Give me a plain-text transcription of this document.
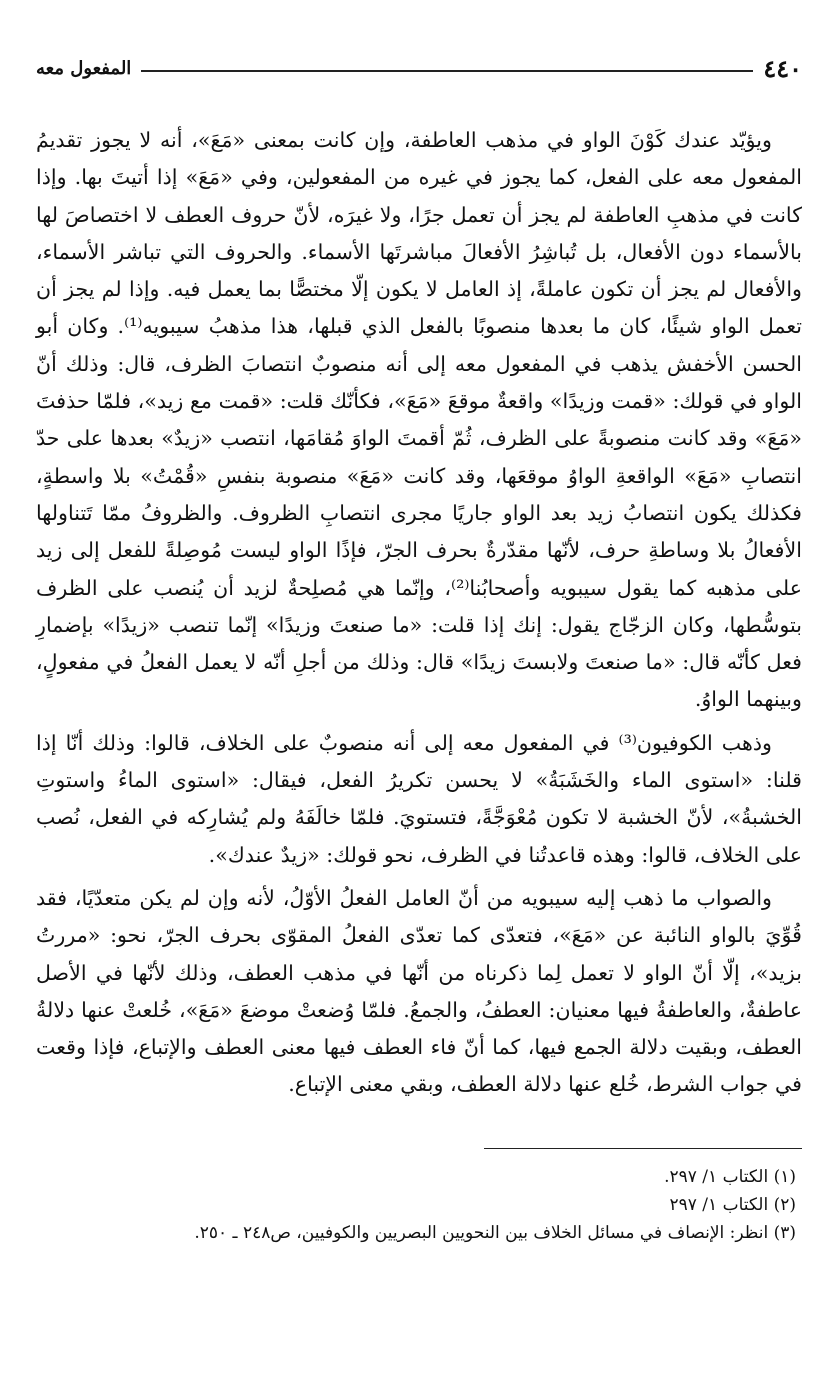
٤٤٠
المفعول معه

ويؤيّد عندك كَوْنَ الواو في مذهب العاطفة، وإن كانت بمعنى «مَعَ»، أنه لا يجوز تقديمُ المفعول معه على الفعل، كما يجوز في غيره من المفعولين، وفي «مَعَ» إذا أتيتَ بها. وإذا كانت في مذهبِ العاطفة لم يجز أن تعمل جرًا، ولا غيرَه، لأنّ حروف العطف لا اختصاصَ لها بالأسماء دون الأفعال، بل تُباشِرُ الأفعالَ مباشرتَها الأسماء. والحروف التي تباشر الأسماء، والأفعال لم يجز أن تكون عاملةً، إذ العامل لا يكون إلّا مختصًّا بما يعمل فيه. وإذا لم يجز أن تعمل الواو شيئًا، كان ما بعدها منصوبًا بالفعل الذي قبلها، هذا مذهبُ سيبويه⁽¹⁾. وكان أبو الحسن الأخفش يذهب في المفعول معه إلى أنه منصوبٌ انتصابَ الظرف، قال: وذلك أنّ الواو في قولك: «قمت وزيدًا» واقعةٌ موقعَ «مَعَ»، فكأنّك قلت: «قمت مع زيد»، فلمّا حذفتَ «مَعَ» وقد كانت منصوبةً على الظرف، ثُمّ أقمتَ الواوَ مُقامَها، انتصب «زيدٌ» بعدها على حدّ انتصابِ «مَعَ» الواقعةِ الواوُ موقعَها، وقد كانت «مَعَ» منصوبة بنفسِ «قُمْتُ» بلا واسطةٍ، فكذلك يكون انتصابُ زيد بعد الواو جاريًا مجرى انتصابِ الظروف. والظروفُ ممّا تَتناولها الأفعالُ بلا وساطةِ حرف، لأنّها مقدّرةٌ بحرف الجرّ، فإذًا الواو ليست مُوصِلةً للفعل إلى زيد على مذهبه كما يقول سيبويه وأصحابُنا⁽²⁾، وإنّما هي مُصلِحةٌ لزيد أن يُنصب على الظرف بتوسُّطها، وكان الزجّاج يقول: إنك إذا قلت: «ما صنعتَ وزيدًا» إنّما تنصب «زيدًا» بإضمارِ فعل كأنّه قال: «ما صنعتَ ولابستَ زيدًا» قال: وذلك من أجلِ أنّه لا يعمل الفعلُ في مفعولٍ، وبينهما الواوُ.

وذهب الكوفيون⁽³⁾ في المفعول معه إلى أنه منصوبٌ على الخلاف، قالوا: وذلك أنّا إذا قلنا: «استوى الماء والخَشَبَةُ» لا يحسن تكريرُ الفعل، فيقال: «استوى الماءُ واستوتِ الخشبةُ»، لأنّ الخشبة لا تكون مُعْوَجَّةً، فتستويَ. فلمّا خالَفَهُ ولم يُشارِكه في الفعل، نُصب على الخلاف، قالوا: وهذه قاعدتُنا في الظرف، نحو قولك: «زيدٌ عندك».

والصواب ما ذهب إليه سيبويه من أنّ العامل الفعلُ الأوّلُ، لأنه وإن لم يكن متعدّيًا، فقد قُوِّيَ بالواو النائبة عن «مَعَ»، فتعدّى كما تعدّى الفعلُ المقوّى بحرف الجرّ، نحو: «مررتُ بزيد»، إلّا أنّ الواو لا تعمل لِما ذكرناه من أنّها في مذهب العطف، وذلك لأنّها في الأصل عاطفةٌ، والعاطفةُ فيها معنيان: العطفُ، والجمعُ. فلمّا وُضعتْ موضعَ «مَعَ»، خُلعتْ عنها دلالةُ العطف، وبقيت دلالة الجمع فيها، كما أنّ فاء العطف فيها معنى العطف والإتباع، فإذا وقعت في جواب الشرط، خُلع عنها دلالة العطف، وبقي معنى الإتباع.

(١) الكتاب ١/ ٢٩٧.
(٢) الكتاب ١/ ٢٩٧
(٣) انظر: الإنصاف في مسائل الخلاف بين النحويين البصريين والكوفيين، ص٢٤٨ ـ ٢٥٠.
